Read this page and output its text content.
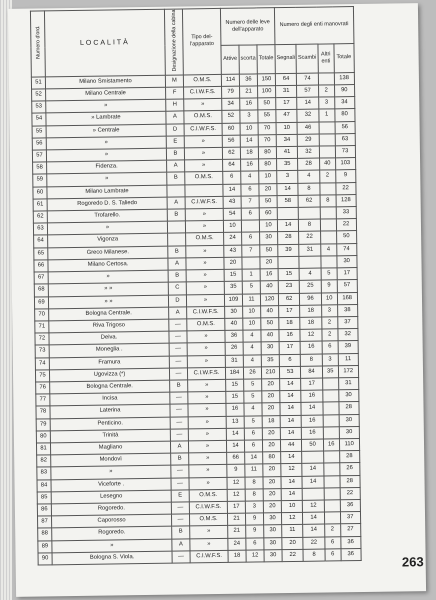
Numero d'ord.	LOCALITÀ	Designazione della cabina	Tipo del- l'apparato	Numero delle leve dell'apparato			Numero degli enti manovrati			
				Attive	scorta	Totale	Segnali	Scambi	Altri enti	Totale
51	Milano Smistamento	M	O.M.S.	114	36	150	64	74		138
52	Milano Centrale	F	C.I.W.F.S.	79	21	100	31	57	2	90
53	»	H	»	34	16	50	17	14	3	34
54	» Lambrate	A	O.M.S.	52	3	55	47	32	1	80
55	» Centrale	D	C.I.W.F.S.	60	10	70	10	46		56
56	»	E	»	56	14	70	34	29		63
57	»	B	»	62	18	80	41	32		73
58	Fidenza.	A	»	64	16	80	35	28	40	103
59	»	B	O.M.S.	6	4	10	3	4	2	9
60	Milano Lambrate			14	6	20	14	8		22
61	Rogoredo D. S. Taliedo	A	C.I.W.F.S.	43	7	50	58	62	8	128
62	Trofarello.	B	»	54	6	60				33
63	»		»	10		10	14	8		22
64	Vigonza		O.M.S.	24	6	30	28	22		50
65	Greco Milanese.	B	»	43	7	50	39	31	4	74
66	Milano Certosa.	A	»	20		20				30
67	»	B	»	15	1	16	15	4	5	17
68	» »	C	»	35	5	40	23	25	9	57
69	» »	D	»	109	11	120	62	96	10	168
70	Bologna Centrale.	A	C.I.W.F.S.	30	10	40	17	18	3	38
71	Riva Trigoso	—	O.M.S.	40	10	50	18	18	2	37
72	Deiva.	—	»	36	4	40	16	12	2	32
73	Moneglia .	—	»	26	4	30	17	16	6	39
74	Framura	—	»	31	4	35	6	8	3	11
75	Ugovizza (*)	—	C.I.W.F.S.	184	26	210	53	84	35	172
76	Bologna Centrale.	B	»	15	5	20	14	17		31
77	Incisa	—	»	15	5	20	14	16		30
78	Laterina	—	»	16	4	20	14	14		28
79	Penticino.	—	»	13	5	18	14	16		30
80	Trinità	—	»	14	6	20	14	16		30
81	Magliano	A	»	14	6	20	44	50	16	110
82	Mondovì	B	»	66	14	80	14			28
83	»	—	»	9	11	20	12	14		26
84	Viceforte .	—	»	12	8	20	14	14		28
85	Lesegno	E	O.M.S.	12	8	20	14			22
86	Rogoredo.	—	C.I.W.F.S.	17	3	20	10	12		36
87	Caporosso	—	O.M.S.	21	9	30	12	14		37
88	Rogoredo.	B	»	21	9	30	11	14	2	27
89	»	A	»	24	6	30	20	22	6	36
90	Bologna S. Viola.	—	C.I.W.F.S.	18	12	30	22	8	6	36
263
